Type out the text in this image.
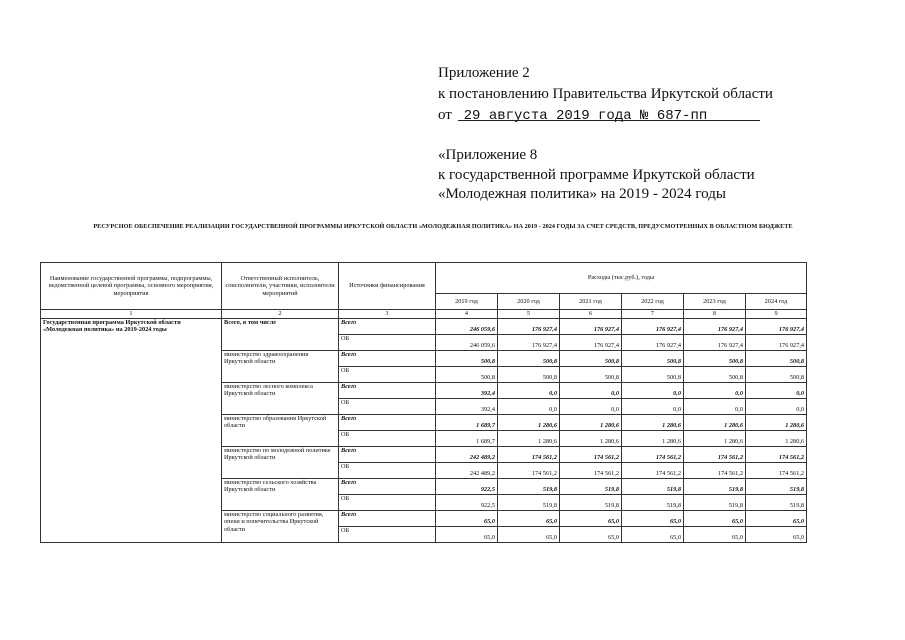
Приложение 2
к постановлению Правительства Иркутской области
от 29 августа 2019 года № 687-пп
«Приложение 8
к государственной программе Иркутской области
«Молодежная политика» на 2019 - 2024 годы
РЕСУРСНОЕ ОБЕСПЕЧЕНИЕ РЕАЛИЗАЦИИ ГОСУДАРСТВЕННОЙ ПРОГРАММЫ ИРКУТСКОЙ ОБЛАСТИ «МОЛОДЕЖНАЯ ПОЛИТИКА» НА 2019 - 2024 ГОДЫ ЗА СЧЕТ СРЕДСТВ, ПРЕДУСМОТРЕННЫХ В ОБЛАСТНОМ БЮДЖЕТЕ
Наименование государственной программы, подпрограммы, ведомственной целевой программы, основного мероприятия, мероприятия	Ответственный исполнитель, соисполнители, участники, исполнители мероприятий	Источники финансирования	Расходы (тыс.руб.), годы					
			2019 год	2020 год	2021 год	2022 год	2023 год	2024 год
1	2	3	4	5	6	7	8	9
Государственная программа Иркутской области «Молодежная политика» на 2019-2024 годы	Всего, в том числе	Всего	246 059,6	176 927,4	176 927,4	176 927,4	176 927,4	176 927,4
		ОБ	246 059,6	176 927,4	176 927,4	176 927,4	176 927,4	176 927,4
	министерство здравоохранения Иркутской области	Всего	500,8	500,8	500,8	500,8	500,8	500,8
		ОБ	500,8	500,8	500,8	500,8	500,8	500,8
	министерство лесного комплекса Иркутской области	Всего	392,4	0,0	0,0	0,0	0,0	0,0
		ОБ	392,4	0,0	0,0	0,0	0,0	0,0
	министерство образования Иркутской области	Всего	1 689,7	1 280,6	1 280,6	1 280,6	1 280,6	1 280,6
		ОБ	1 689,7	1 280,6	1 280,6	1 280,6	1 280,6	1 280,6
	министерство по молодежной политике Иркутской области	Всего	242 489,2	174 561,2	174 561,2	174 561,2	174 561,2	174 561,2
		ОБ	242 489,2	174 561,2	174 561,2	174 561,2	174 561,2	174 561,2
	министерство сельского хозяйства Иркутской области	Всего	922,5	519,8	519,8	519,8	519,8	519,8
		ОБ	922,5	519,8	519,8	519,8	519,8	519,8
	министерство социального развития, опеки и попечительства Иркутской области	Всего	65,0	65,0	65,0	65,0	65,0	65,0
		ОБ	65,0	65,0	65,0	65,0	65,0	65,0
